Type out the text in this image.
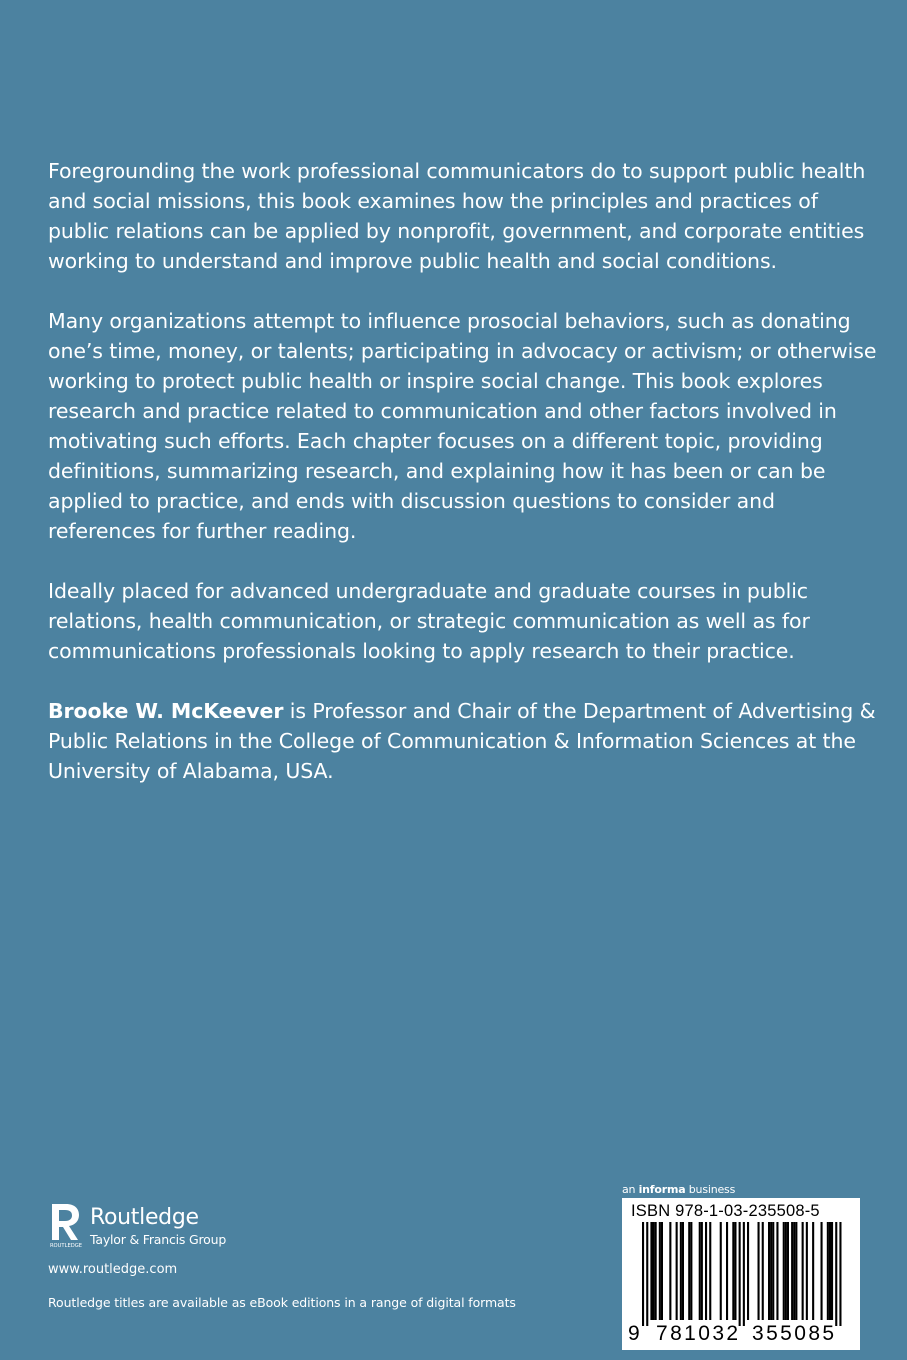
Foregrounding the work professional communicators do to support public health and social missions, this book examines how the principles and practices of public relations can be applied by nonprofit, government, and corporate entities working to understand and improve public health and social conditions.

Many organizations attempt to influence prosocial behaviors, such as donating one’s time, money, or talents; participating in advocacy or activism; or otherwise working to protect public health or inspire social change. This book explores research and practice related to communication and other factors involved in motivating such efforts. Each chapter focuses on a different topic, providing definitions, summarizing research, and explaining how it has been or can be applied to practice, and ends with discussion questions to consider and references for further reading.

Ideally placed for advanced undergraduate and graduate courses in public relations, health communication, or strategic communication as well as for communications professionals looking to apply research to their practice.

Brooke W. McKeever is Professor and Chair of the Department of Advertising & Public Relations in the College of Communication & Information Sciences at the University of Alabama, USA.

ROUTLEDGE
Routledge
Taylor & Francis Group
www.routledge.com
Routledge titles are available as eBook editions in a range of digital formats
an informa business
ISBN 978-1-03-235508-5
9 781032 355085
